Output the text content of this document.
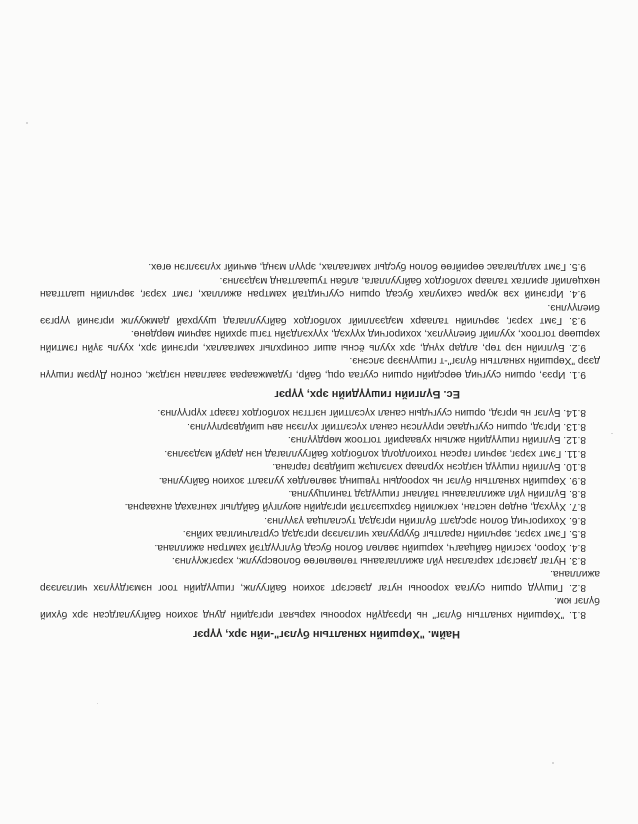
Найм. "Хөршийн хяналтын бүлэг"-ийн эрх, үүрэг

8.1. "Хөршийн хяналтын бүлэг" нь Ирээдүйн хорооны харьяат иргэдийн дунд зохион байгуулагдсан эрх бүхий бүлэг юм.

8.2. Гишүүд оршин суугаа хорооны нутаг дэвсгэрт зохион байгуулж, гишүүдийн тоог нэмэгдүүлэх чиглэлээр ажиллана.

8.3. Нутаг дэвсгэрт харгалзан үйл ажиллагааны төлөвлөгөө боловсруулж, хэрэгжүүлнэ.

8.4. Хороо, хэсгийн байцаагч, хөршийн зөвлөл болон бусад бүлгүүдтэй хамтран ажиллана.

8.5. Гэмт хэрэг, зөрчлийн гаралтыг бууруулах чиглэлээр иргэдэд сурталчилгаа хийнэ.

8.6. Хохирогчид болон эрсдэлт бүлгийн иргэдэд туслалцаа үзүүлнэ.

8.7. Хүүхэд, өндөр настан, хөгжлийн бэрхшээлтэй иргэдийн аюулгүй байдлыг хангахад анхаарна.

8.8. Бүлгийн үйл ажиллагааны тайланг гишүүдэд танилцуулна.

8.9. Хөршийн хяналтын бүлэг нь хороодын түвшинд зөвлөлдөх уулзалт зохион байгуулна.

8.10. Бүлгийн гишүүд нэгдсэн хурлаар хэлэлцэж шийдвэр гаргана.

8.11. Гэмт хэрэг, зөрчил гарсан тохиолдолд холбогдох байгууллагад нэн даруй мэдээлнэ.

8.12. Бүлгийн гишүүдийн ажлын хуваарийг тогтоож мөрдүүлнэ.

8.13. Иргэд, оршин суугчдаас ирүүлсэн санал хүсэлтийг хүлээн авч шийдвэрлүүлнэ.

8.14. Бүлэг нь иргэд, оршин суугчдын санал хүсэлтийг нэгтгэн холбогдох газарт хүргүүлнэ.

Ес. Бүлгийн гишүүдийн эрх, үүрэг

9.1. Ирээ, оршин суугчид өөрсдийн оршин суугаа орц, байр, гудамжаараа зааглаан нэгдэж, сонгон Дүрэм гишүүн дээр "Хөршийн хяналтын бүлэг"-т гишүүнээр элсэнэ.

9.2. Бүлгийн нэр төр, алдар хүнд, эрх хууль ёсны ашиг сонирхлыг хамгаалах, иргэний эрх, хууль зүйн гэмтийн хөршөөр тогтоох, хуулийг биелүүлэх, хохирогчид хүүхэд, хүүхэлдэйн тэгш эрхийн зарчим мөрдөнө.

9.3. Гэмт хэрэг, зөрчлийн талаарх мэдээллийг холбогдох байгууллагад шуурхай дамжуулж иргэний үүргээ биелүүлнэ.

9.4. Иргэний хэв журам сахиулах бусад оршин суугчидтай хамтран ажиллах, гэмт хэрэг, зөрчлийн шалтгаан нөхцөлийг арилгах талаар холбогдох байгууллага, албан тушаалтанд мэдээлнэ.

9.5. Гэмт халдлагаас өөрийгөө болон бусдыг хамгаалах, эрүүл мэнд, өмчийг хүлээлгэн өгөх.
